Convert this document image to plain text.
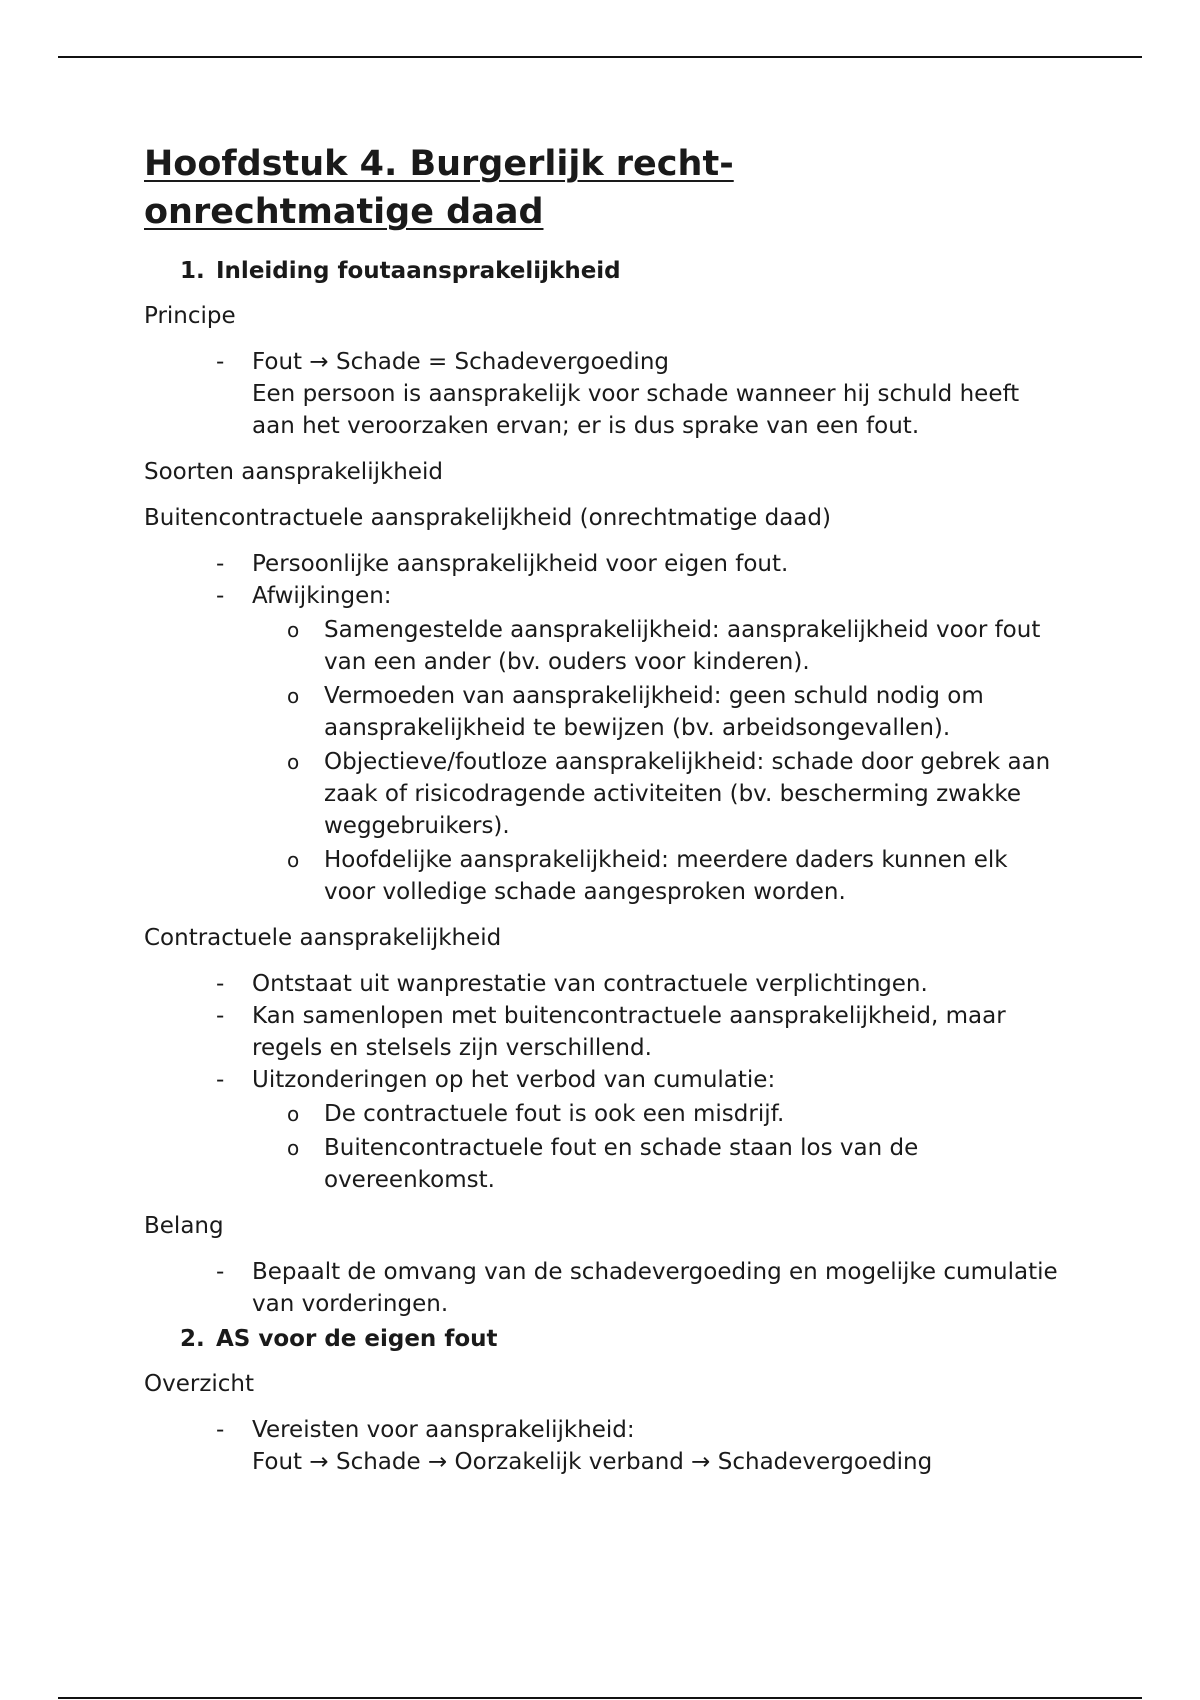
Hoofdstuk 4. Burgerlijk recht-
onrechtmatige daad
1. Inleiding foutaansprakelijkheid

Principe

- Fout → Schade = Schadevergoeding
Een persoon is aansprakelijk voor schade wanneer hij schuld heeft aan het veroorzaken ervan; er is dus sprake van een fout.

Soorten aansprakelijkheid

Buitencontractuele aansprakelijkheid (onrechtmatige daad)

- Persoonlijke aansprakelijkheid voor eigen fout.
- Afwijkingen:
o Samengestelde aansprakelijkheid: aansprakelijkheid voor fout van een ander (bv. ouders voor kinderen).
o Vermoeden van aansprakelijkheid: geen schuld nodig om aansprakelijkheid te bewijzen (bv. arbeidsongevallen).
o Objectieve/foutloze aansprakelijkheid: schade door gebrek aan zaak of risicodragende activiteiten (bv. bescherming zwakke weggebruikers).
o Hoofdelijke aansprakelijkheid: meerdere daders kunnen elk voor volledige schade aangesproken worden.

Contractuele aansprakelijkheid

- Ontstaat uit wanprestatie van contractuele verplichtingen.
- Kan samenlopen met buitencontractuele aansprakelijkheid, maar regels en stelsels zijn verschillend.
- Uitzonderingen op het verbod van cumulatie:
o De contractuele fout is ook een misdrijf.
o Buitencontractuele fout en schade staan los van de overeenkomst.

Belang

- Bepaalt de omvang van de schadevergoeding en mogelijke cumulatie van vorderingen.
2. AS voor de eigen fout

Overzicht

- Vereisten voor aansprakelijkheid:
Fout → Schade → Oorzakelijk verband → Schadevergoeding
